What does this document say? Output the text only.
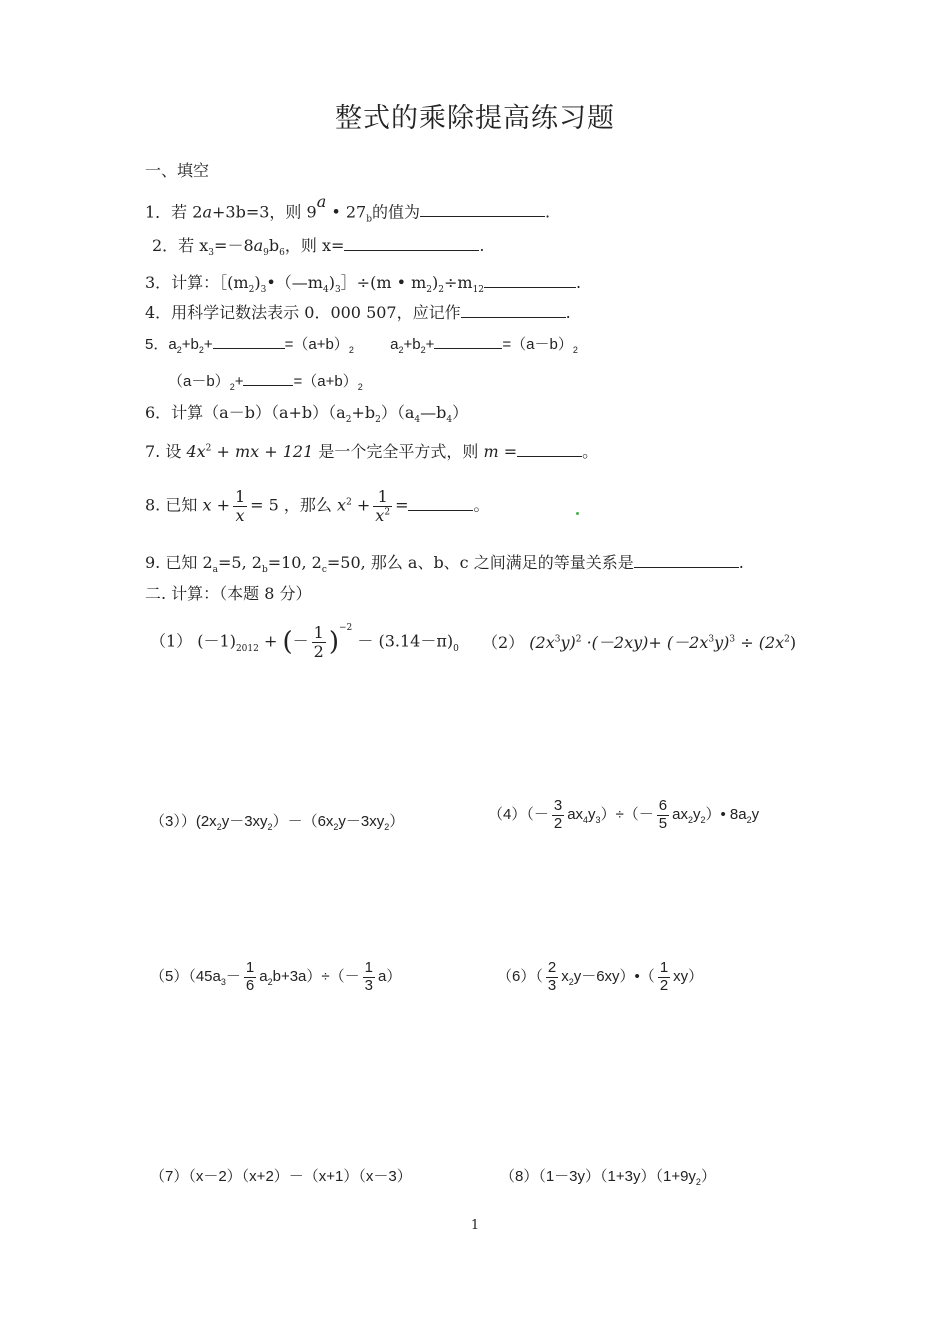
整式的乘除提高练习题
一、填空
1．若 2a+3b=3，则 9$^a$ • $27_b$的值为	.
2．若 $x_3=-8a_9b_6$，则 x=	.
3．计算：$[(m_2)_3•(—m_4)_3]\div(m$ • $m_2)_2\div m_{12}$	.
4．用科学记数法表示 0．000 507，应记作	.
5．$a_2+b_2+$	$=(a+b)_2$ $a_2+b_2+$	$=(a-b)_2$
$(a-b)_2+$	$=(a+b)_2$
6．计算$(a-b)(a+b)(a_2+b_2)(a_4—b_4)$
7. 设 $4x^2$ + mx + 121 是一个完全平方式，则 m =	。
8. 已知 $x + \frac{1}{x} = 5$ ，那么 $x^2 + \frac{1}{x^2}$ =	。
9. 已知 $2_a=5$, $2_b=10$, $2_c=50$, 那么 a、b、c 之间满足的等量关系是	.
二. 计算：（本题 8 分）
（1） $(-1)_{2012}$ + (－ $\frac{1}{2} )^{-2} - (3.14-\pi)_0$ （2） $(2x^3y)^2 \cdot(-2xy)+ (-2x^3y)^3 \div (2x^2)$
$(3))(2x_2y-3xy_2)-(6x_2y-3xy_2)$	$(4)(- \frac{3}{2} ax_4y_3)\div(- \frac{6}{5}$ $ax_2y_2)•$ $8a_2y$
$(5)(45a_3- \frac{1}{6} a_2b+3a)\div(- \frac{1}{3} a)$	$(6)( \frac{2}{3}$ $x_2y-6xy)•( \frac{1}{2} xy)$
（7）（x－2）（x+2）－（x+1）（x－3）	$(8)(1-3y)(1+3y)(1+9y_2)$
1
